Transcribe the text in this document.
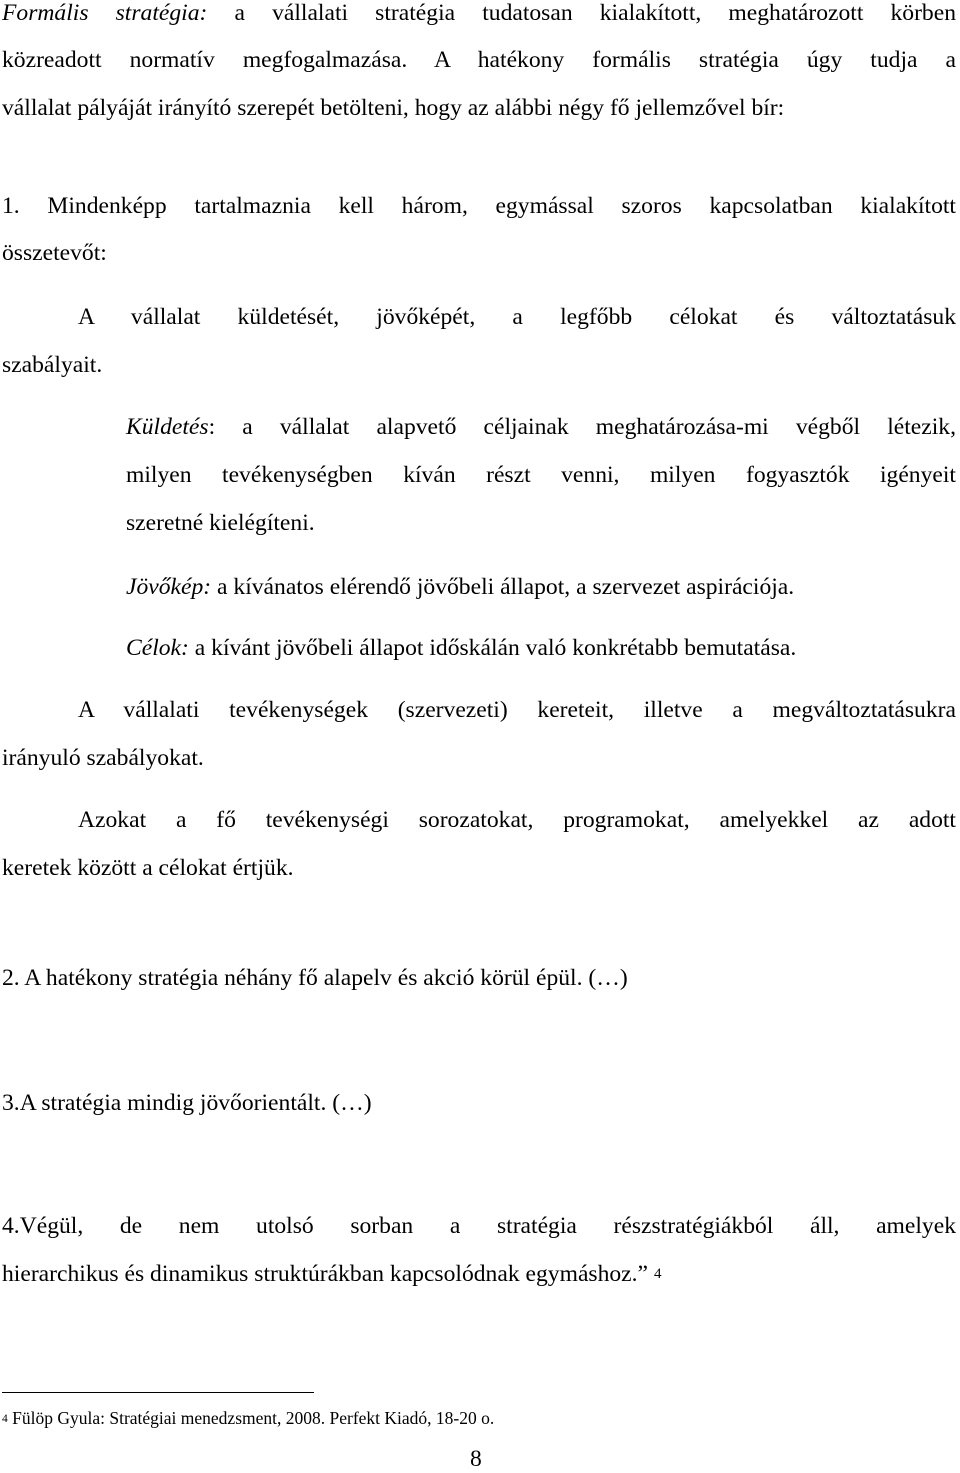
Formális stratégia: a vállalati stratégia tudatosan kialakított, meghatározott körben
közreadott normatív megfogalmazása. A hatékony formális stratégia úgy tudja a
vállalat pályáját irányító szerepét betölteni, hogy az alábbi négy fő jellemzővel bír:
1. Mindenképp tartalmaznia kell három, egymással szoros kapcsolatban kialakított
összetevőt:
A vállalat küldetését, jövőképét, a legfőbb célokat és változtatásuk
szabályait.
Küldetés: a vállalat alapvető céljainak meghatározása-mi végből létezik,
milyen tevékenységben kíván részt venni, milyen fogyasztók igényeit
szeretné kielégíteni.
Jövőkép: a kívánatos elérendő jövőbeli állapot, a szervezet aspirációja.
Célok: a kívánt jövőbeli állapot időskálán való konkrétabb bemutatása.
A vállalati tevékenységek (szervezeti) kereteit, illetve a megváltoztatásukra
irányuló szabályokat.
Azokat a fő tevékenységi sorozatokat, programokat, amelyekkel az adott
keretek között a célokat értjük.
2. A hatékony stratégia néhány fő alapelv és akció körül épül. (…)
3.A stratégia mindig jövőorientált. (…)
4.Végül, de nem utolsó sorban a stratégia részstratégiákból áll, amelyek
hierarchikus és dinamikus struktúrákban kapcsolódnak egymáshoz.” $^4$
$^4$ Fülöp Gyula: Stratégiai menedzsment, 2008. Perfekt Kiadó, 18-20 o.
8
